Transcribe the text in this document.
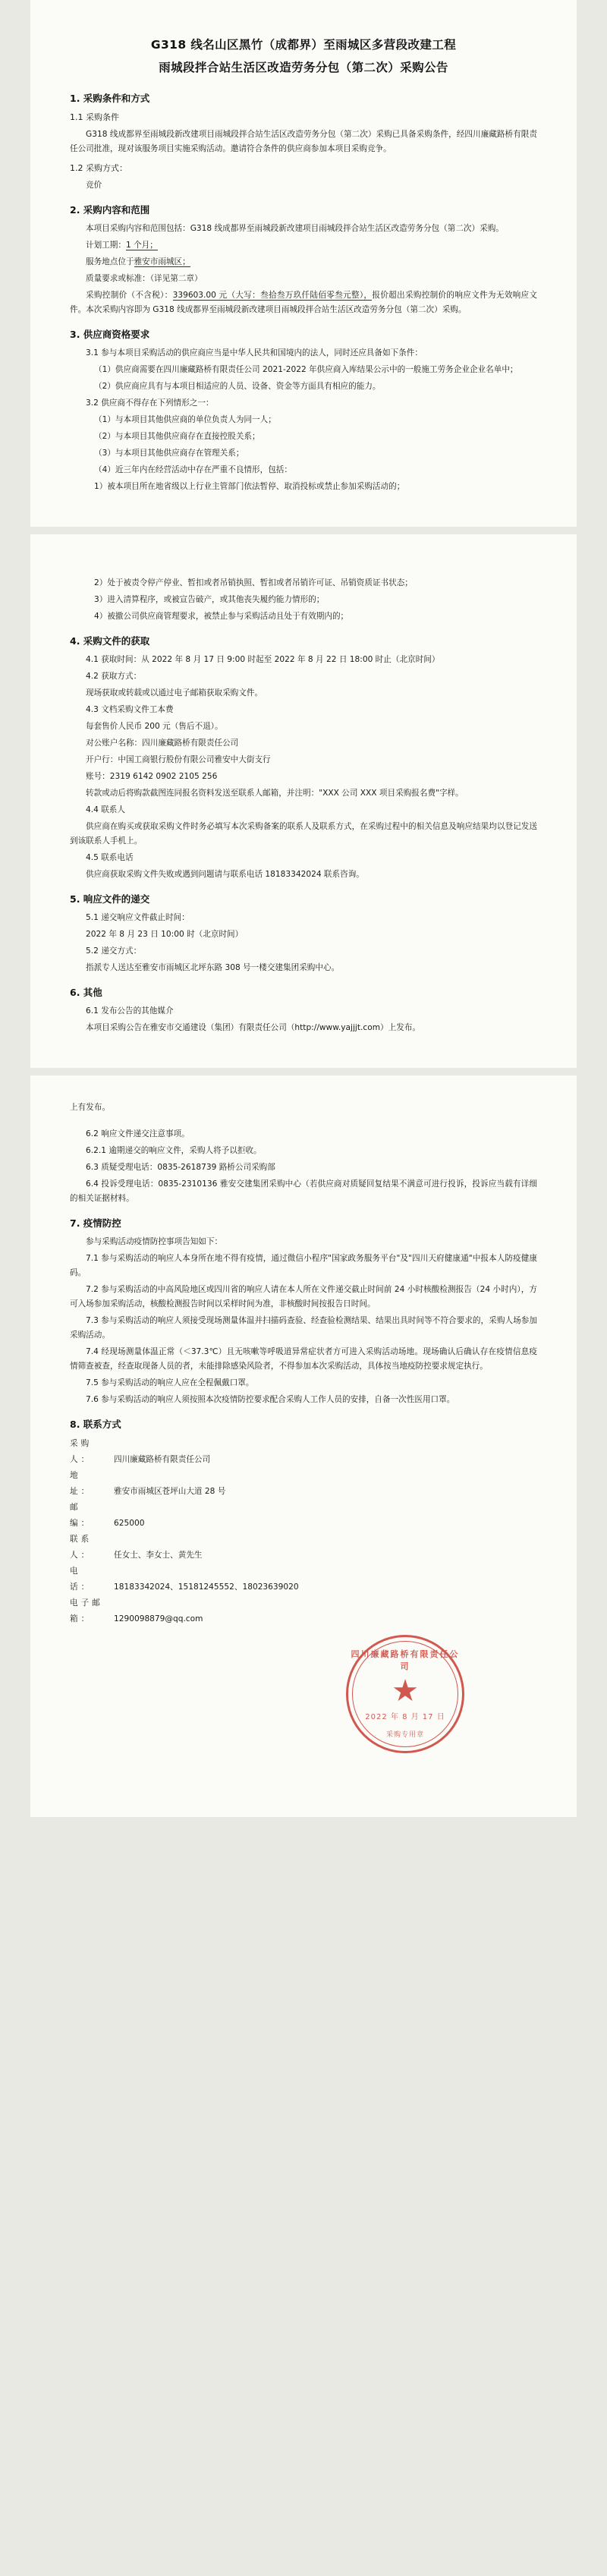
G318 线名山区黑竹（成都界）至雨城区多营段改建工程
雨城段拌合站生活区改造劳务分包（第二次）采购公告
1. 采购条件和方式
1.1 采购条件

G318 线成都界至雨城段新改建项目雨城段拌合站生活区改造劳务分包（第二次）采购已具备采购条件，经四川廉藏路桥有限责任公司批准，现对该服务项目实施采购活动。邀请符合条件的供应商参加本项目采购竞争。

1.2 采购方式：

竞价

2. 采购内容和范围

本项目采购内容和范围包括：G318 线成都界至雨城段新改建项目雨城段拌合站生活区改造劳务分包（第二次）采购。

计划工期：1 个月；

服务地点位于雅安市雨城区；

质量要求或标准：（详见第二章）

采购控制价（不含税）：339603.00 元（大写：叁拾叁万玖仟陆佰零叁元整），报价超出采购控制价的响应文件为无效响应文件。本次采购内容即为 G318 线成都界至雨城段新改建项目雨城段拌合站生活区改造劳务分包（第二次）采购。

3. 供应商资格要求

3.1 参与本项目采购活动的供应商应当是中华人民共和国境内的法人，同时还应具备如下条件：

（1）供应商需要在四川廉藏路桥有限责任公司 2021-2022 年供应商入库结果公示中的一般施工劳务企业企业名单中；

（2）供应商应具有与本项目相适应的人员、设备、资金等方面具有相应的能力。

3.2 供应商不得存在下列情形之一：

（1）与本项目其他供应商的单位负责人为同一人；

（2）与本项目其他供应商存在直接控股关系；

（3）与本项目其他供应商存在管理关系；

（4）近三年内在经营活动中存在严重不良情形，包括：

1）被本项目所在地省级以上行业主管部门依法暂停、取消投标或禁止参加采购活动的；

2）处于被责令停产停业、暂扣或者吊销执照、暂扣或者吊销许可证、吊销资质证书状态；

3）进入清算程序，或被宣告破产，或其他丧失履约能力情形的；

4）被撤公司供应商管理要求，被禁止参与采购活动且处于有效期内的；

4. 采购文件的获取

4.1 获取时间：从 2022 年 8 月 17 日 9:00 时起至 2022 年 8 月 22 日 18:00 时止（北京时间）

4.2 获取方式：

现场获取或转载或以通过电子邮箱获取采购文件。

4.3 文档采购文件工本费

每套售价人民币 200 元（售后不退）。

对公账户名称：四川廉藏路桥有限责任公司

开户行：中国工商银行股份有限公司雅安中大街支行

账号：2319 6142 0902 2105 256

转款或动后将购款截图连同报名资料发送至联系人邮箱，并注明："XXX 公司 XXX 项目采购报名费"字样。

4.4 联系人

供应商在购买或获取采购文件时务必填写本次采购备案的联系人及联系方式，在采购过程中的相关信息及响应结果均以登记发送到该联系人手机上。

4.5 联系电话

供应商获取采购文件失败或遇到问题请与联系电话 18183342024 联系咨询。

5. 响应文件的递交

5.1 递交响应文件截止时间：

2022 年 8 月 23 日 10:00 时（北京时间）

5.2 递交方式：

指派专人送达至雅安市雨城区北坪东路 308 号一楼交建集团采购中心。

6. 其他

6.1 发布公告的其他媒介

本项目采购公告在雅安市交通建设（集团）有限责任公司（http://www.yajjjt.com）上发布。

上有发布。

6.2 响应文件递交注意事项。

6.2.1 逾期递交的响应文件，采购人将予以拒收。

6.3 质疑受理电话：0835-2618739 路桥公司采购部

6.4 投诉受理电话：0835-2310136 雅安交建集团采购中心（若供应商对质疑回复结果不满意可进行投诉，投诉应当载有详细的相关证据材料。

7. 疫情防控

参与采购活动疫情防控事项告知如下：

7.1 参与采购活动的响应人本身所在地不得有疫情，通过微信小程序"国家政务服务平台"及"四川天府健康通"中报本人防疫健康码。

7.2 参与采购活动的中高风险地区或四川省的响应人请在本人所在文件递交截止时间前 24 小时核酸检测报告（24 小时内），方可入场参加采购活动，核酸检测报告时间以采样时间为准，非核酸时间按报告日时间。

7.3 参与采购活动的响应人须接受现场测量体温并扫描码查验、经查验检测结果、结果出具时间等不符合要求的，采购人场参加采购活动。

7.4 经现场测量体温正常（＜37.3℃）且无咳嗽等呼吸道异常症状者方可进入采购活动场地。现场确认后确认存在疫情信息疫情筛查被查，经查取现备人员的者，未能排除感染风险者，不得参加本次采购活动，具体按当地疫防控要求规定执行。

7.5 参与采购活动的响应人应在全程佩戴口罩。

7.6 参与采购活动的响应人须按照本次疫情防控要求配合采购人工作人员的安排，自备一次性医用口罩。

8. 联系方式
采购人：	四川廉藏路桥有限责任公司
地　址：	雅安市雨城区苍坪山大道 28 号
邮　编：	625000
联系人：	任女士、李女士、黄先生
电　话：	18183342024、15181245552、18023639020
电子邮箱：	1290098879@qq.com
四川廉藏路桥有限责任公司
★
2022 年 8 月 17 日
采购专用章
